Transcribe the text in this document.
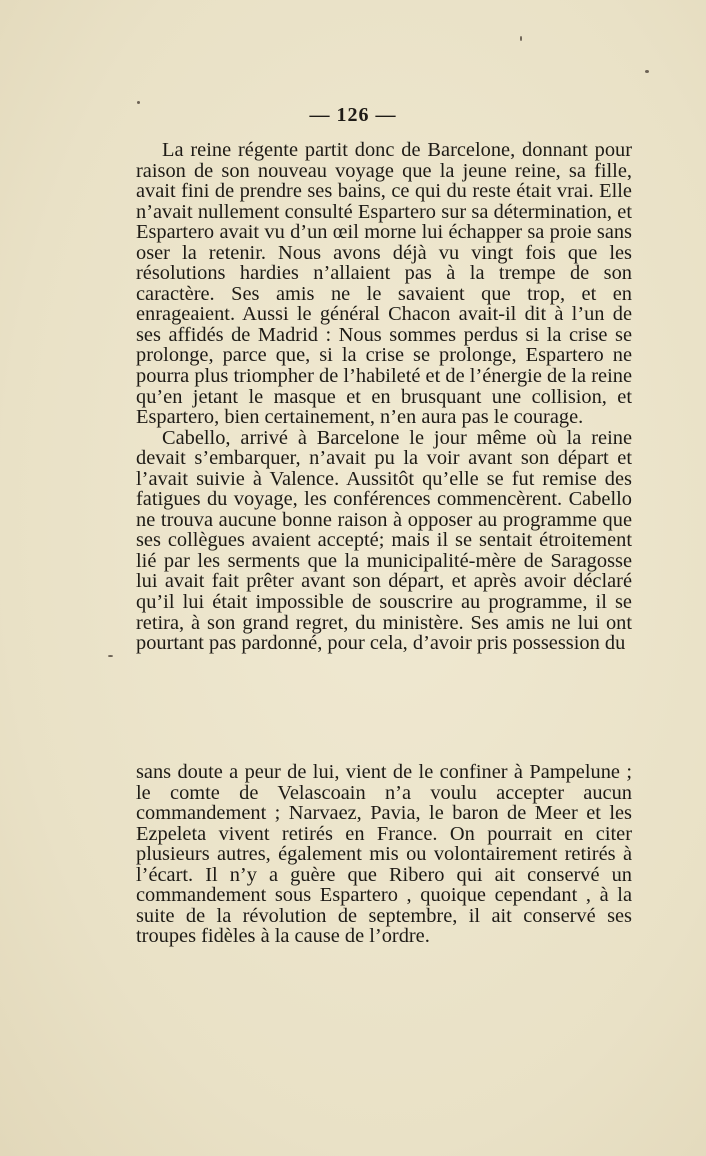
— 126 —

La reine régente partit donc de Barcelone, donnant pour raison de son nouveau voyage que la jeune reine, sa fille, avait fini de prendre ses bains, ce qui du reste était vrai. Elle n’avait nullement consulté Espartero sur sa détermination, et Espartero avait vu d’un œil morne lui échapper sa proie sans oser la retenir. Nous avons déjà vu vingt fois que les résolutions hardies n’allaient pas à la trempe de son caractère. Ses amis ne le savaient que trop, et en enrageaient. Aussi le général Chacon avait-il dit à l’un de ses affidés de Madrid : Nous sommes perdus si la crise se prolonge, parce que, si la crise se prolonge, Espartero ne pourra plus triompher de l’habileté et de l’énergie de la reine qu’en jetant le masque et en brusquant une collision, et Espartero, bien certainement, n’en aura pas le courage.

Cabello, arrivé à Barcelone le jour même où la reine devait s’embarquer, n’avait pu la voir avant son départ et l’avait suivie à Valence. Aussitôt qu’elle se fut remise des fatigues du voyage, les conférences commencèrent. Cabello ne trouva aucune bonne raison à opposer au programme que ses collègues avaient accepté; mais il se sentait étroitement lié par les serments que la municipalité-mère de Saragosse lui avait fait prêter avant son départ, et après avoir déclaré qu’il lui était impossible de souscrire au programme, il se retira, à son grand regret, du ministère. Ses amis ne lui ont pourtant pas pardonné, pour cela, d’avoir pris possession du

sans doute a peur de lui, vient de le confiner à Pampelune ; le comte de Velascoain n’a voulu accepter aucun commandement ; Narvaez, Pavia, le baron de Meer et les Ezpeleta vivent retirés en France. On pourrait en citer plusieurs autres, également mis ou volontairement retirés à l’écart. Il n’y a guère que Ribero qui ait conservé un commandement sous Espartero , quoique cependant , à la suite de la révolution de septembre, il ait conservé ses troupes fidèles à la cause de l’ordre.
